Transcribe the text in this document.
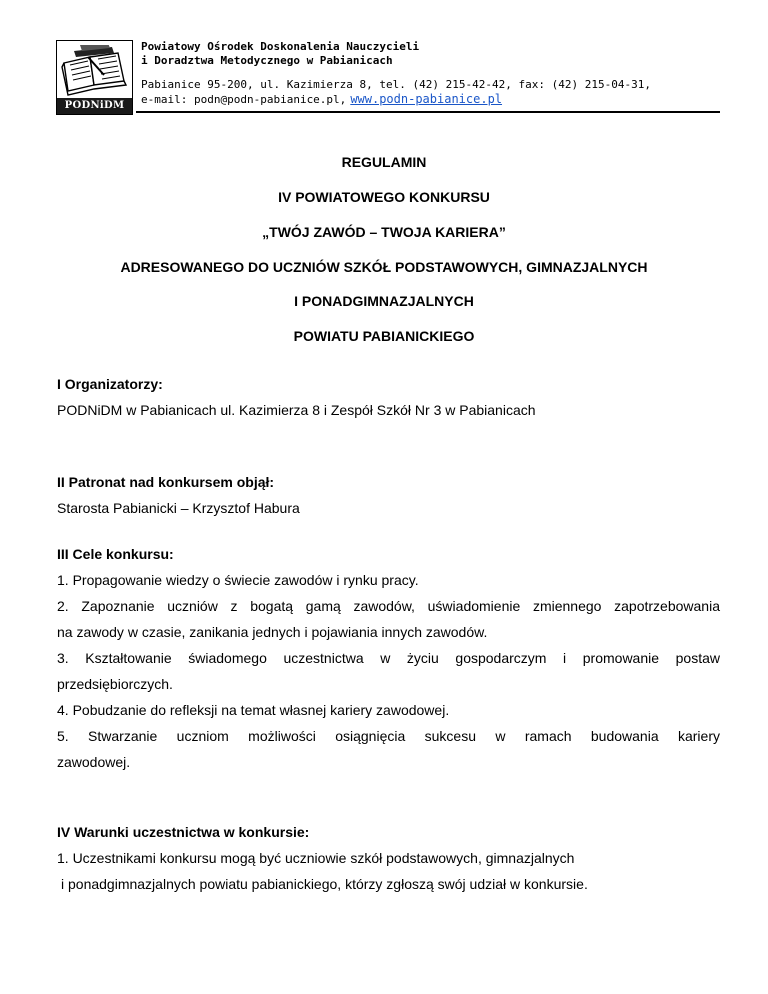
PODNiDM
Powiatowy Ośrodek Doskonalenia Nauczycieli
i Doradztwa Metodycznego w Pabianicach
Pabianice 95-200, ul. Kazimierza 8, tel. (42) 215-42-42, fax: (42) 215-04-31,
e-mail: podn@podn-pabianice.pl, www.podn-pabianice.pl
REGULAMIN
IV POWIATOWEGO KONKURSU
„TWÓJ ZAWÓD – TWOJA KARIERA”
ADRESOWANEGO DO UCZNIÓW SZKÓŁ PODSTAWOWYCH, GIMNAZJALNYCH
I PONADGIMNAZJALNYCH
POWIATU PABIANICKIEGO
I Organizatorzy:
PODNiDM w Pabianicach ul. Kazimierza 8 i Zespół Szkół Nr 3 w Pabianicach
II Patronat nad konkursem objął:
Starosta Pabianicki – Krzysztof Habura
III Cele konkursu:
1. Propagowanie wiedzy o świecie zawodów i rynku pracy.
2. Zapoznanie uczniów z bogatą gamą zawodów, uświadomienie zmiennego zapotrzebowania
na zawody w czasie, zanikania jednych i pojawiania innych zawodów.
3. Kształtowanie świadomego uczestnictwa w życiu gospodarczym i promowanie postaw
przedsiębiorczych.
4. Pobudzanie do refleksji na temat własnej kariery zawodowej.
5. Stwarzanie uczniom możliwości osiągnięcia sukcesu w ramach budowania kariery
zawodowej.
IV Warunki uczestnictwa w konkursie:
1. Uczestnikami konkursu mogą być uczniowie szkół podstawowych, gimnazjalnych
i ponadgimnazjalnych powiatu pabianickiego, którzy zgłoszą swój udział w konkursie.
